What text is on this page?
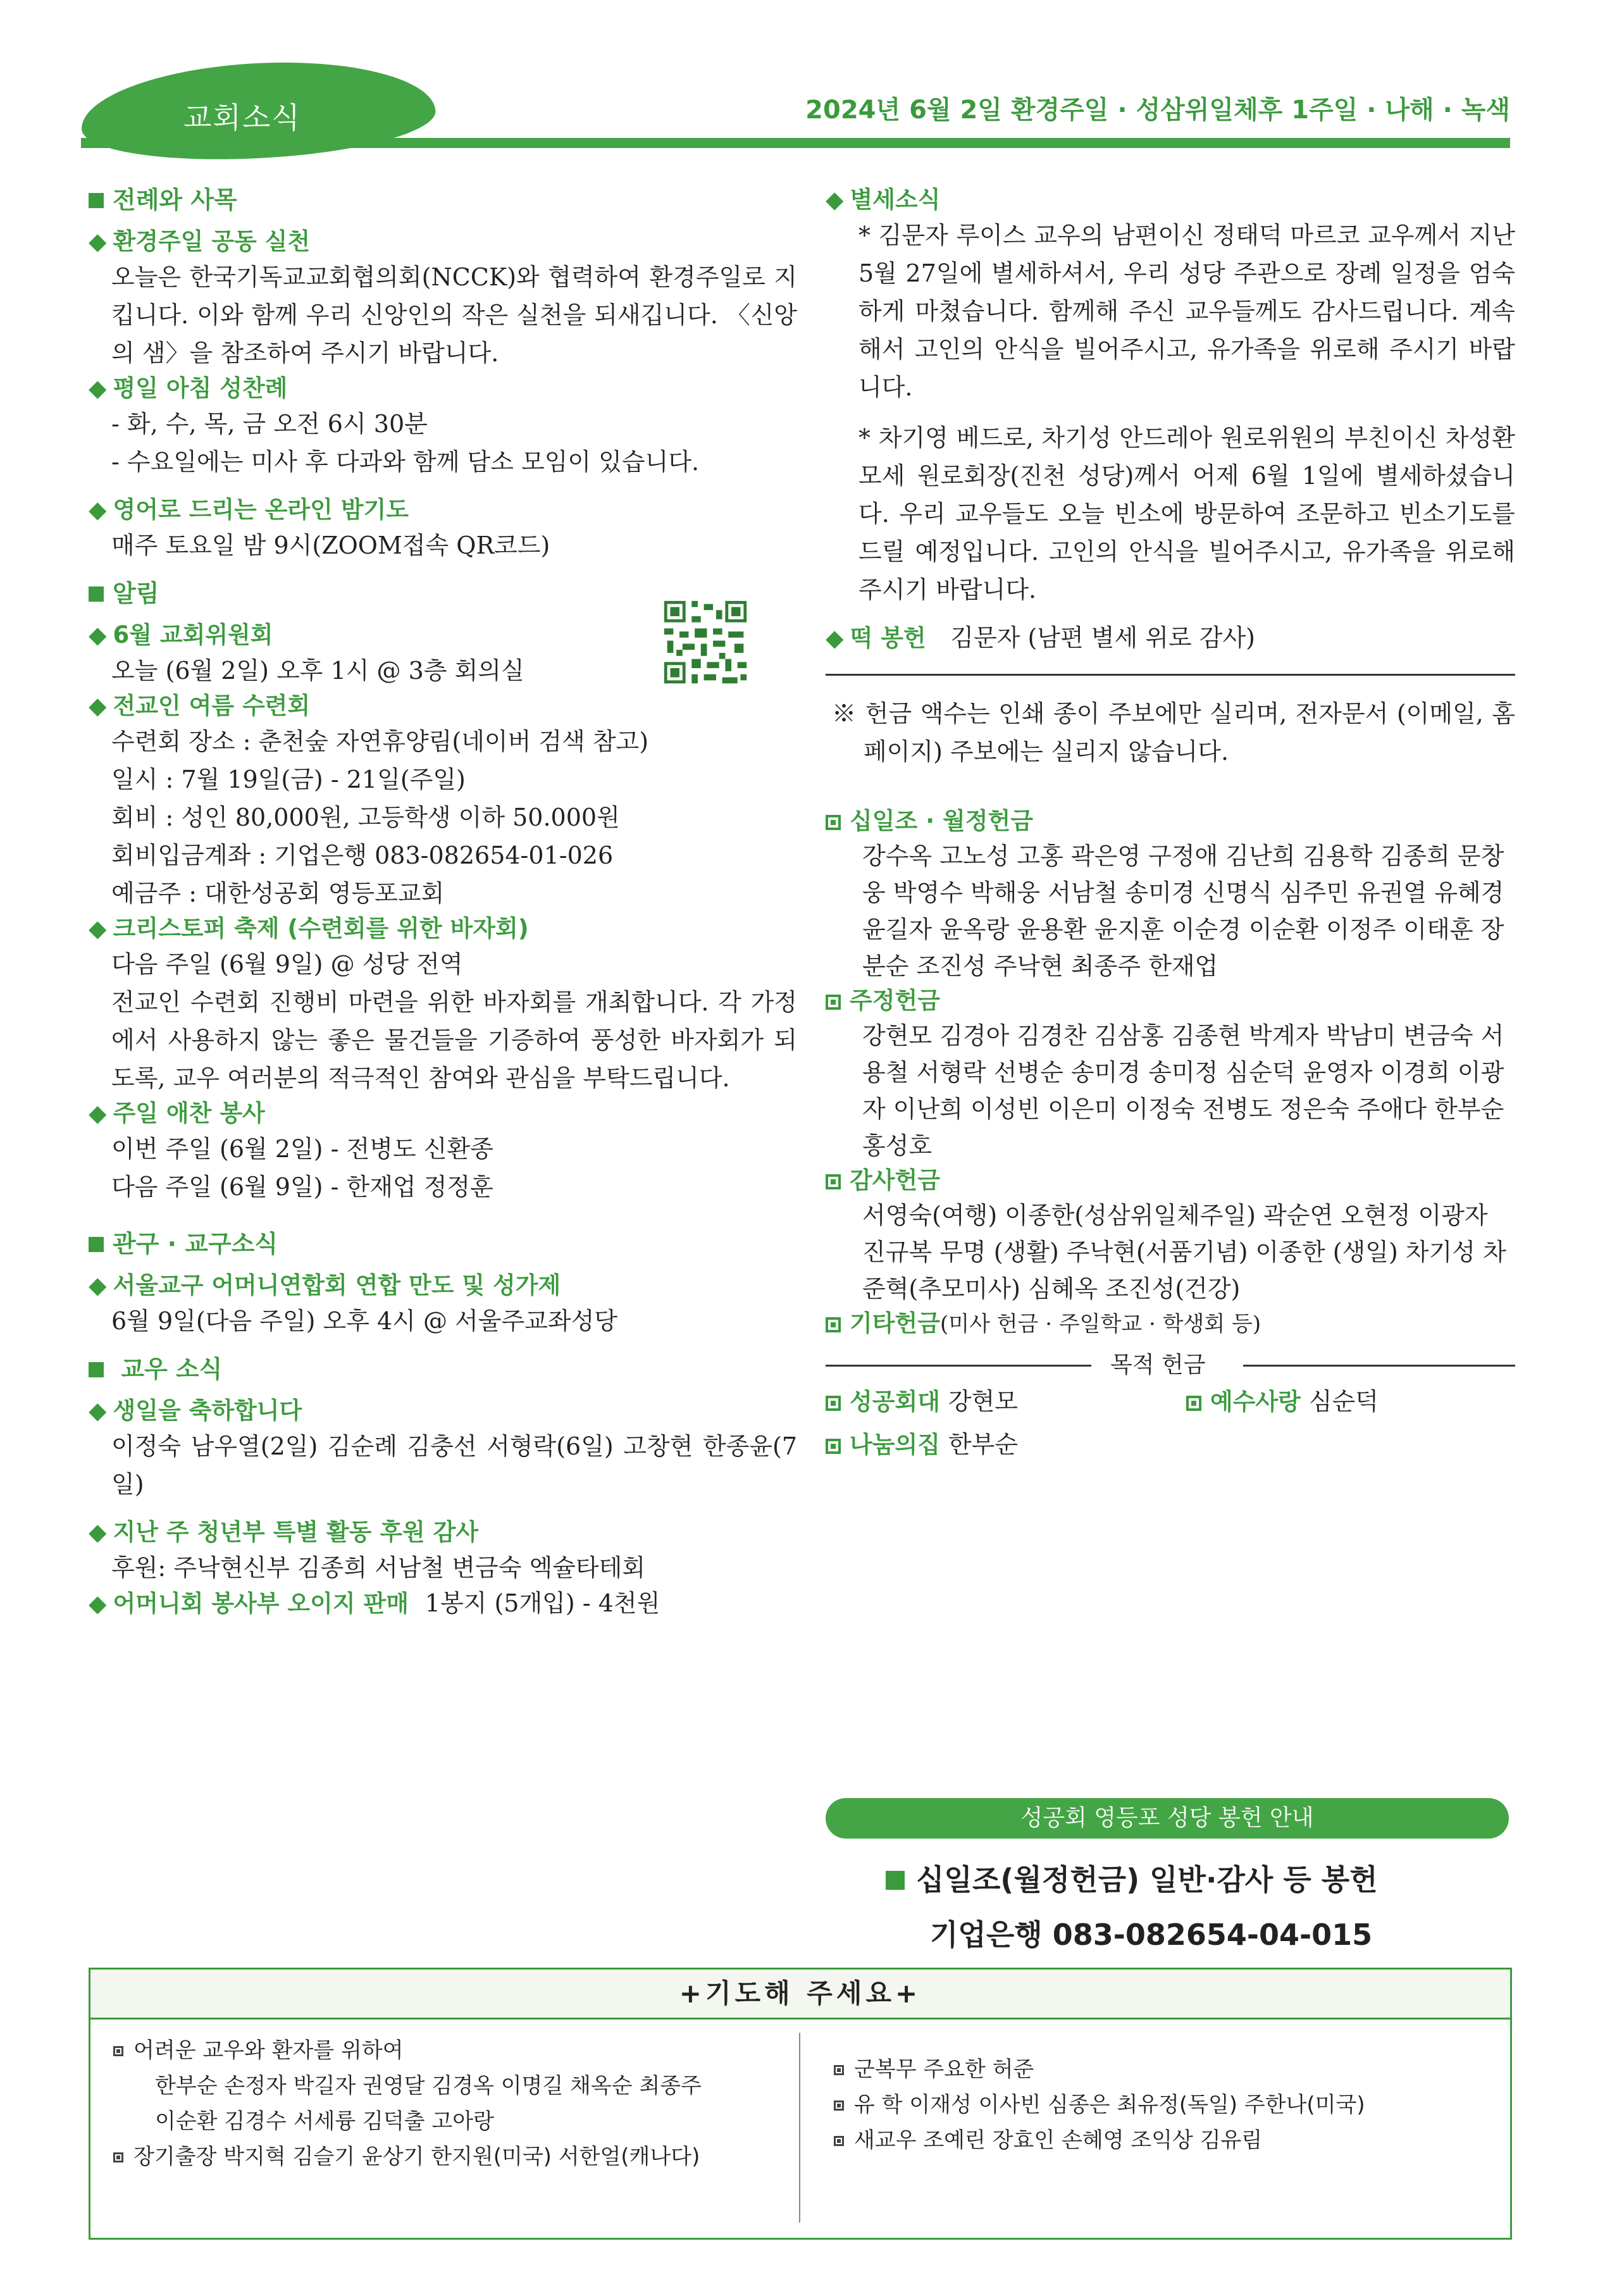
교회소식	2024년 6월 2일 환경주일 · 성삼위일체후 1주일 · 나해 · 녹색
전례와 사목
◆ 환경주일 공동 실천
오늘은 한국기독교교회협의회(NCCK)와 협력하여 환경주일로 지킵니다. 이와 함께 우리 신앙인의 작은 실천을 되새깁니다. 〈신앙의 샘〉을 참조하여 주시기 바랍니다.
◆ 평일 아침 성찬례
- 화, 수, 목, 금 오전 6시 30분
- 수요일에는 미사 후 다과와 함께 담소 모임이 있습니다.
◆ 영어로 드리는 온라인 밤기도
매주 토요일 밤 9시(ZOOM접속 QR코드)
알림
◆ 6월 교회위원회
오늘 (6월 2일) 오후 1시 @ 3층 회의실
◆ 전교인 여름 수련회
수련회 장소 : 춘천숲 자연휴양림(네이버 검색 참고)
일시 : 7월 19일(금) - 21일(주일)
회비 : 성인 80,000원, 고등학생 이하 50.000원
회비입금계좌 : 기업은행 083-082654-01-026
예금주 : 대한성공회 영등포교회
◆ 크리스토퍼 축제 (수련회를 위한 바자회)
다음 주일 (6월 9일) @ 성당 전역
전교인 수련회 진행비 마련을 위한 바자회를 개최합니다. 각 가정에서 사용하지 않는 좋은 물건들을 기증하여 풍성한 바자회가 되도록, 교우 여러분의 적극적인 참여와 관심을 부탁드립니다.
◆ 주일 애찬 봉사
이번 주일 (6월 2일) - 전병도 신환종
다음 주일 (6월 9일) - 한재업 정정훈
관구 · 교구소식
◆ 서울교구 어머니연합회 연합 만도 및 성가제
6월 9일(다음 주일) 오후 4시 @ 서울주교좌성당
교우 소식
◆ 생일을 축하합니다
이정숙 남우열(2일) 김순례 김충선 서형락(6일) 고창현 한종윤(7일)
◆ 지난 주 청년부 특별 활동 후원 감사
후원: 주낙현신부 김종희 서남철 변금숙 엑슐타테회
◆ 어머니회 봉사부 오이지 판매 1봉지 (5개입) - 4천원
◆ 별세소식
* 김문자 루이스 교우의 남편이신 정태덕 마르코 교우께서 지난 5월 27일에 별세하셔서, 우리 성당 주관으로 장례 일정을 엄숙하게 마쳤습니다. 함께해 주신 교우들께도 감사드립니다. 계속해서 고인의 안식을 빌어주시고, 유가족을 위로해 주시기 바랍니다.
* 차기영 베드로, 차기성 안드레아 원로위원의 부친이신 차성환 모세 원로회장(진천 성당)께서 어제 6월 1일에 별세하셨습니다. 우리 교우들도 오늘 빈소에 방문하여 조문하고 빈소기도를 드릴 예정입니다. 고인의 안식을 빌어주시고, 유가족을 위로해 주시기 바랍니다.
◆ 떡 봉헌 김문자 (남편 별세 위로 감사)
※ 헌금 액수는 인쇄 종이 주보에만 실리며, 전자문서 (이메일, 홈페이지) 주보에는 실리지 않습니다.
십일조 · 월정헌금
강수옥 고노성 고홍 곽은영 구정애 김난희 김용학 김종희 문창웅 박영수 박해웅 서남철 송미경 신명식 심주민 유권열 유혜경 윤길자 윤옥랑 윤용환 윤지훈 이순경 이순환 이정주 이태훈 장분순 조진성 주낙현 최종주 한재업
주정헌금
강현모 김경아 김경찬 김삼홍 김종현 박계자 박남미 변금숙 서용철 서형락 선병순 송미경 송미정 심순덕 윤영자 이경희 이광자 이난희 이성빈 이은미 이정숙 전병도 정은숙 주애다 한부순 홍성호
감사헌금
서영숙(여행) 이종한(성삼위일체주일) 곽순연 오현정 이광자 진규복 무명 (생활) 주낙현(서품기념) 이종한 (생일) 차기성 차준혁(추모미사) 심혜옥 조진성(건강)
기타헌금(미사 헌금 · 주일학교 · 학생회 등)
목적 헌금
성공회대 강현모	예수사랑 심순덕
나눔의집 한부순
성공회 영등포 성당 봉헌 안내
십일조(월정헌금) 일반·감사 등 봉헌
기업은행 083-082654-04-015
+기도해 주세요+
어려운 교우와 환자를 위하여
한부순 손정자 박길자 권영달 김경옥 이명길 채옥순 최종주
이순환 김경수 서세륭 김덕출 고아랑
장기출장 박지혁 김슬기 윤상기 한지원(미국) 서한얼(캐나다)
군복무 주요한 허준
유 학 이재성 이사빈 심종은 최유정(독일) 주한나(미국)
새교우 조예린 장효인 손혜영 조익상 김유림
